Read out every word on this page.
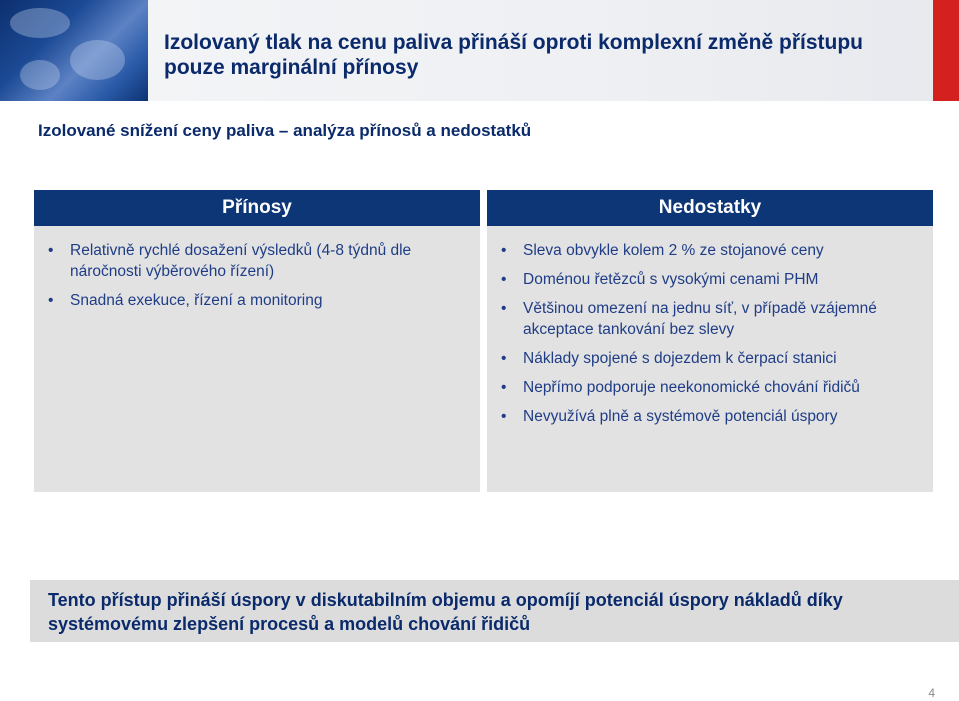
Izolovaný tlak na cenu paliva přináší oproti komplexní změně přístupu pouze marginální přínosy
Izolované snížení ceny paliva – analýza přínosů a nedostatků
Přínosy
• Relativně rychlé dosažení výsledků (4-8 týdnů dle náročnosti výběrového řízení)
• Snadná exekuce, řízení a monitoring
Nedostatky
• Sleva obvykle kolem 2 % ze stojanové ceny
• Doménou řetězců s vysokými cenami PHM
• Většinou omezení na jednu síť, v případě vzájemné akceptace tankování bez slevy
• Náklady spojené s dojezdem k čerpací stanici
• Nepřímo podporuje neekonomické chování řidičů
• Nevyužívá plně a systémově potenciál úspory
Tento přístup přináší úspory v diskutabilním objemu a opomíjí potenciál úspory nákladů díky systémovému zlepšení procesů a modelů chování řidičů
4
